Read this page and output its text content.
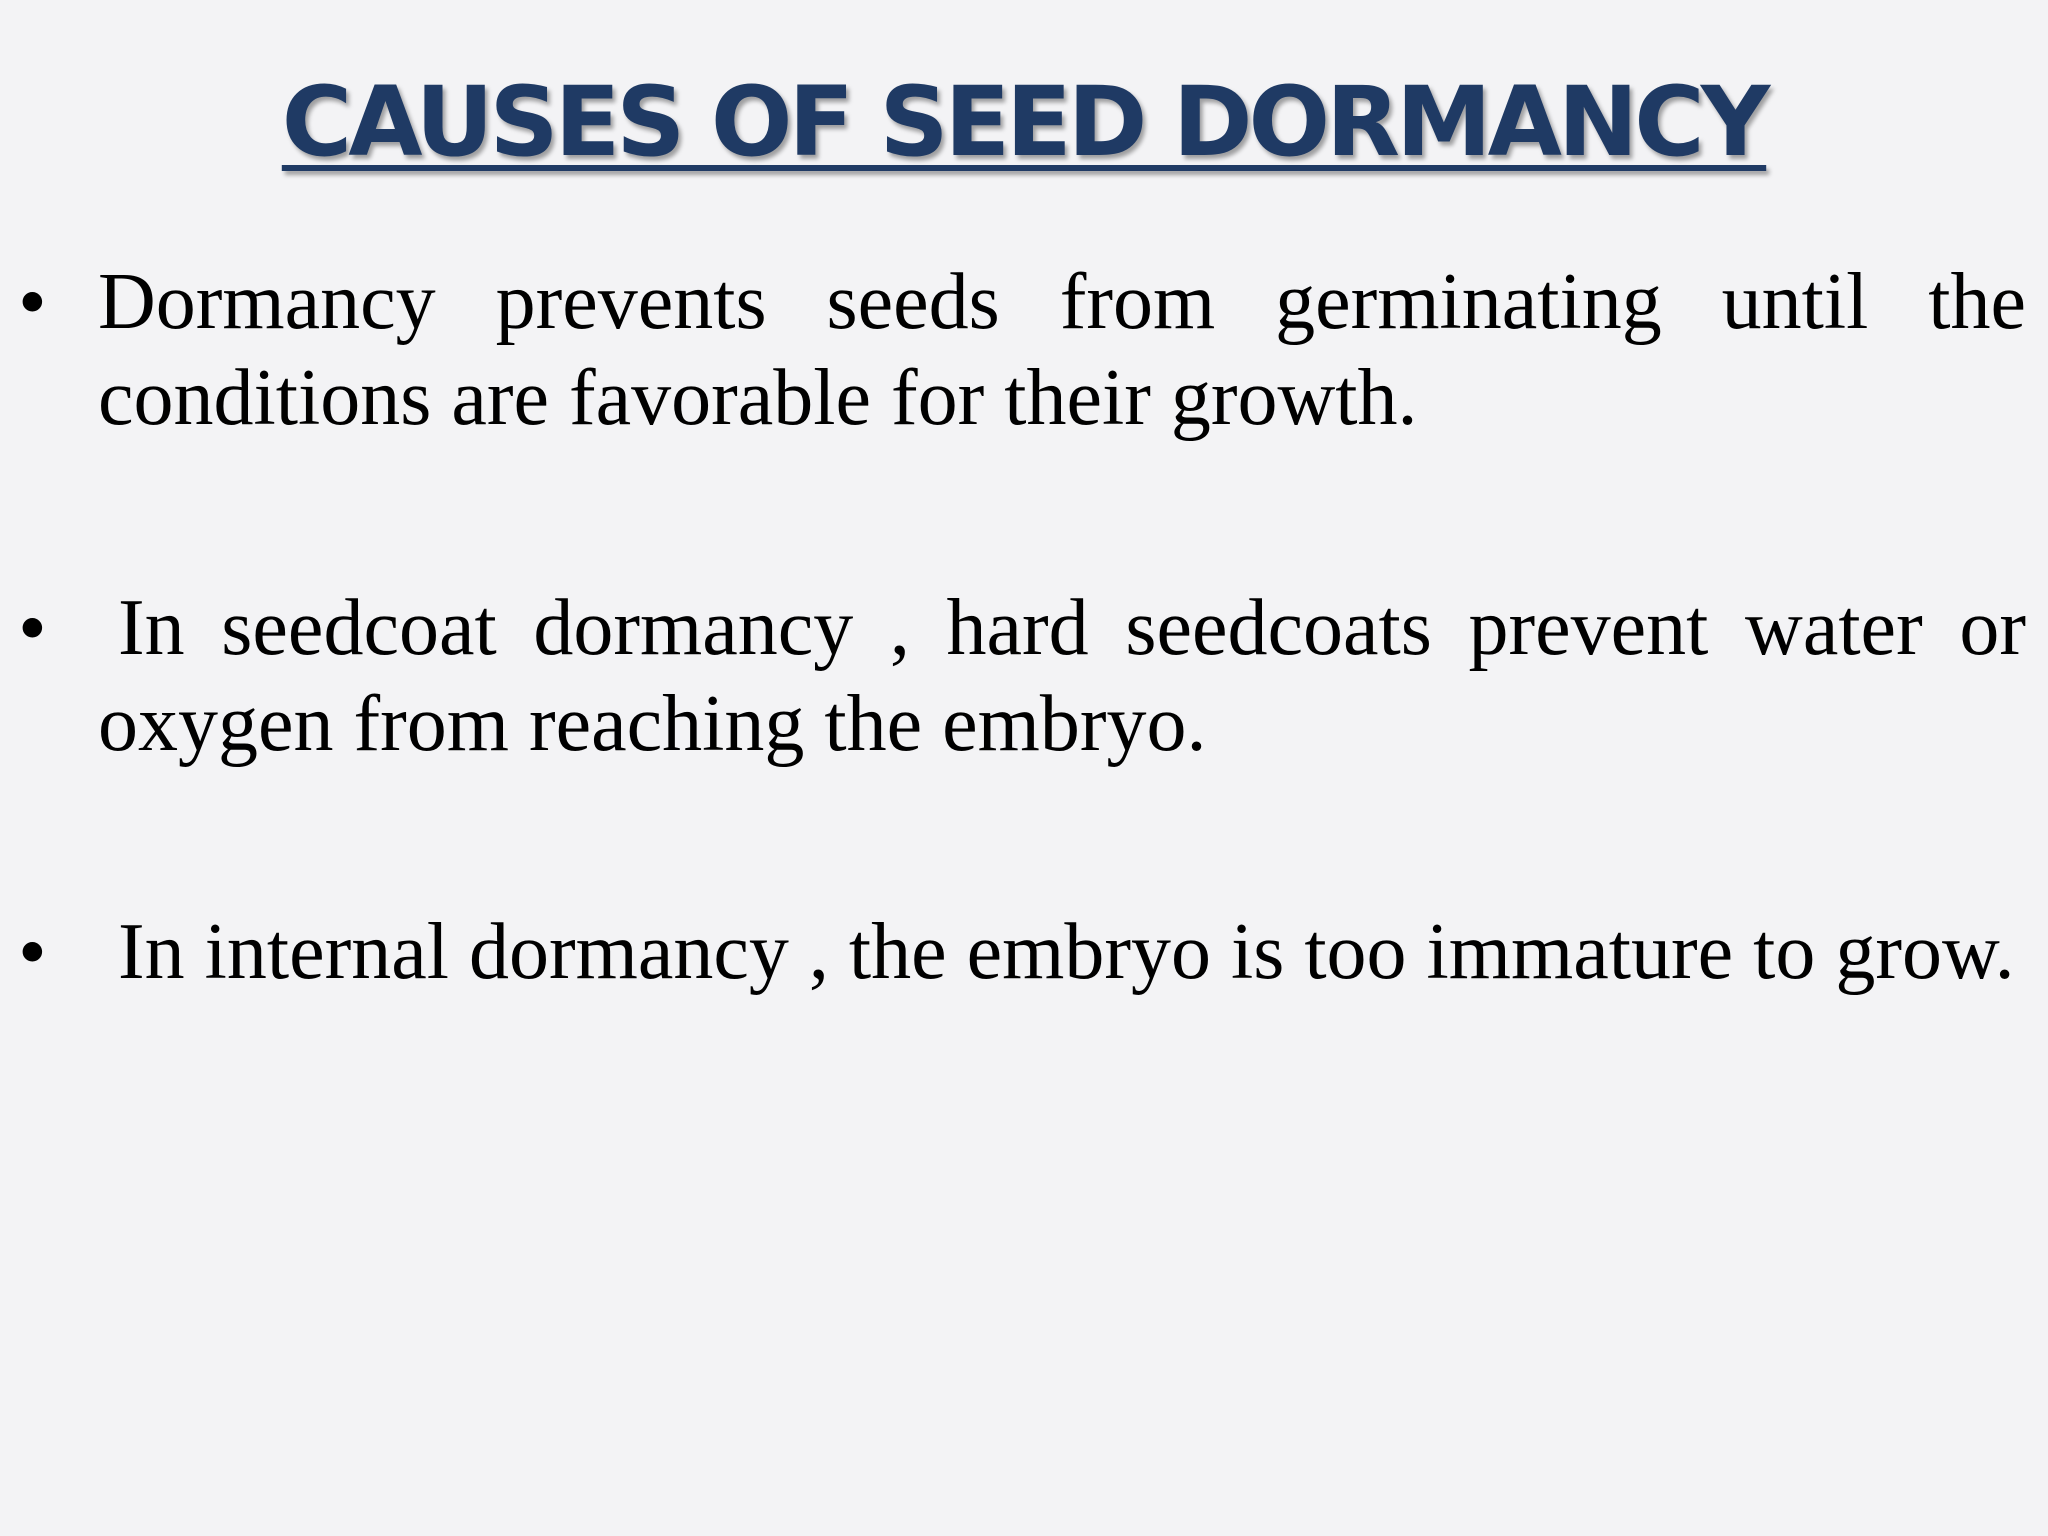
CAUSES OF SEED DORMANCY
• Dormancy prevents seeds from germinating until the conditions are favorable for their growth.
• In seedcoat dormancy , hard seedcoats prevent water or oxygen from reaching the embryo.
• In internal dormancy , the embryo is too immature to grow.
